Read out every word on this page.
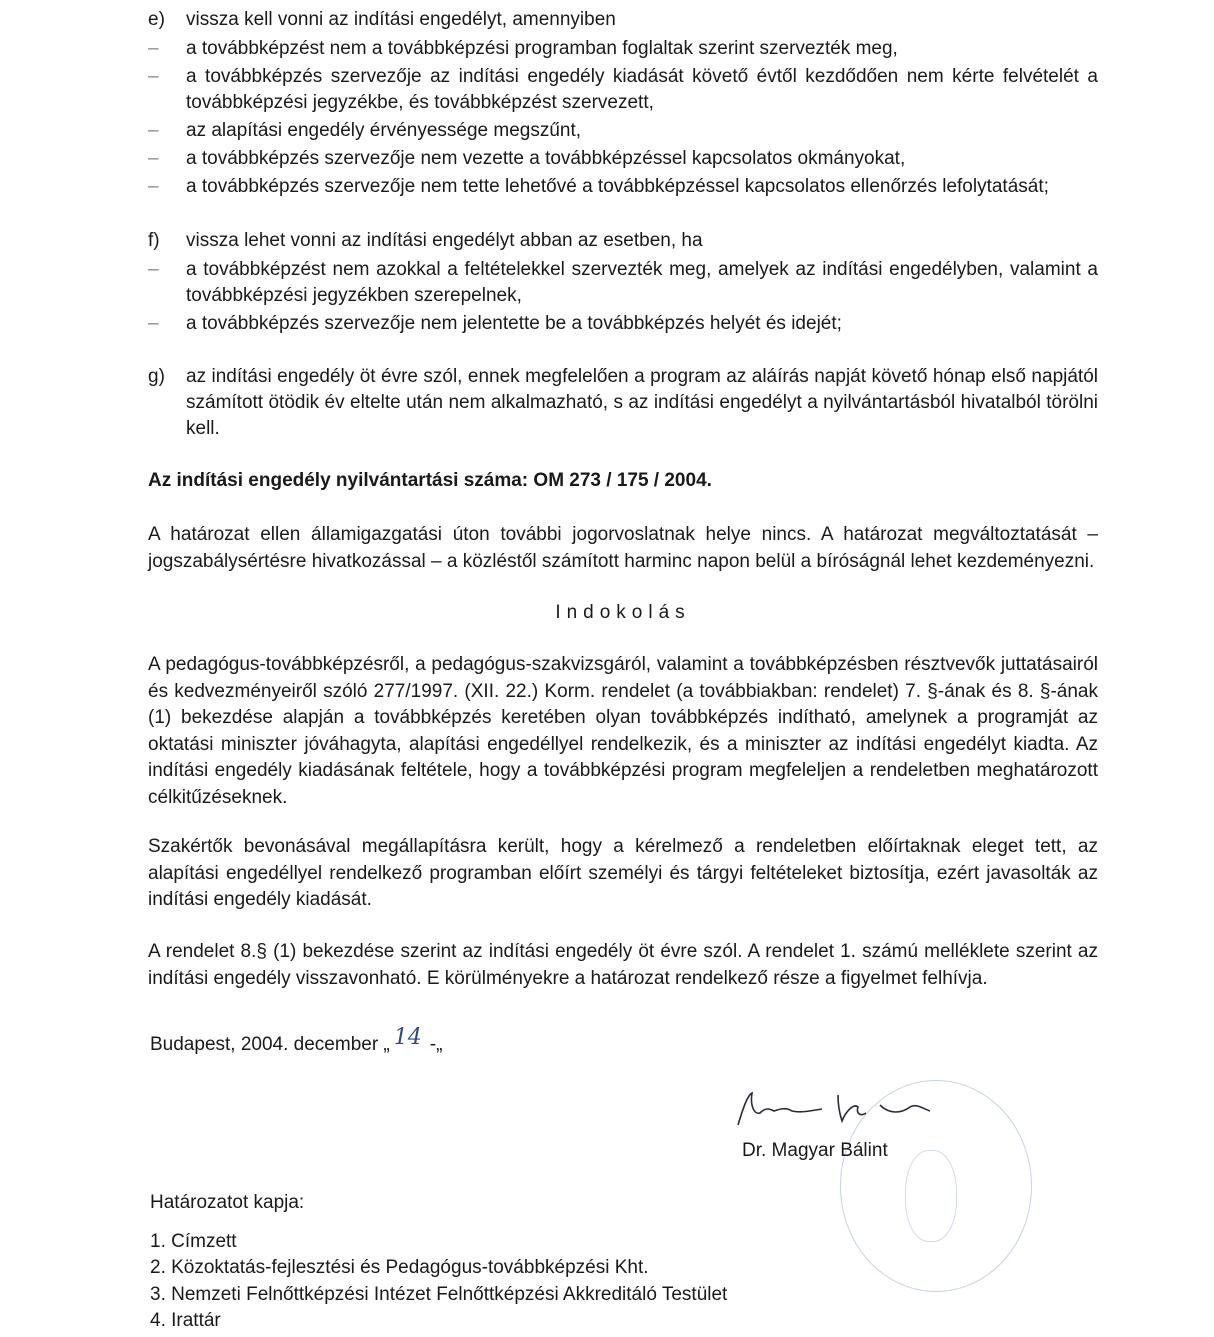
e)	vissza kell vonni az indítási engedélyt, amennyiben
–	a továbbképzést nem a továbbképzési programban foglaltak szerint szervezték meg,
–	a továbbképzés szervezője az indítási engedély kiadását követő évtől kezdődően nem kérte felvételét a továbbképzési jegyzékbe, és továbbképzést szervezett,
–	az alapítási engedély érvényessége megszűnt,
–	a továbbképzés szervezője nem vezette a továbbképzéssel kapcsolatos okmányokat,
–	a továbbképzés szervezője nem tette lehetővé a továbbképzéssel kapcsolatos ellenőrzés lefolytatását;
f)	vissza lehet vonni az indítási engedélyt abban az esetben, ha
–	a továbbképzést nem azokkal a feltételekkel szervezték meg, amelyek az indítási engedélyben, valamint a továbbképzési jegyzékben szerepelnek,
–	a továbbképzés szervezője nem jelentette be a továbbképzés helyét és idejét;
g)	az indítási engedély öt évre szól, ennek megfelelően a program az aláírás napját követő hónap első napjától számított ötödik év eltelte után nem alkalmazható, s az indítási engedélyt a nyilvántartásból hivatalból törölni kell.
Az indítási engedély nyilvántartási száma: OM 273 / 175 / 2004.
A határozat ellen államigazgatási úton további jogorvoslatnak helye nincs. A határozat megváltoztatását – jogszabálysértésre hivatkozással – a közléstől számított harminc napon belül a bíróságnál lehet kezdeményezni.
Indokolás
A pedagógus-továbbképzésről, a pedagógus-szakvizsgáról, valamint a továbbképzésben résztvevők juttatásairól és kedvezményeiről szóló 277/1997. (XII. 22.) Korm. rendelet (a továbbiakban: rendelet) 7. §-ának és 8. §-ának (1) bekezdése alapján a továbbképzés keretében olyan továbbképzés indítható, amelynek a programját az oktatási miniszter jóváhagyta, alapítási engedéllyel rendelkezik, és a miniszter az indítási engedélyt kiadta. Az indítási engedély kiadásának feltétele, hogy a továbbképzési program megfeleljen a rendeletben meghatározott célkitűzéseknek.
Szakértők bevonásával megállapításra került, hogy a kérelmező a rendeletben előírtaknak eleget tett, az alapítási engedéllyel rendelkező programban előírt személyi és tárgyi feltételeket biztosítja, ezért javasolták az indítási engedély kiadását.
A rendelet 8.§ (1) bekezdése szerint az indítási engedély öt évre szól. A rendelet 1. számú melléklete szerint az indítási engedély visszavonható. E körülményekre a határozat rendelkező része a figyelmet felhívja.
Budapest, 2004. december „ 14 -„
Dr. Magyar Bálint
Határozatot kapja:
1. Címzett
2. Közoktatás-fejlesztési és Pedagógus-továbbképzési Kht.
3. Nemzeti Felnőttképzési Intézet Felnőttképzési Akkreditáló Testület
4. Irattár
